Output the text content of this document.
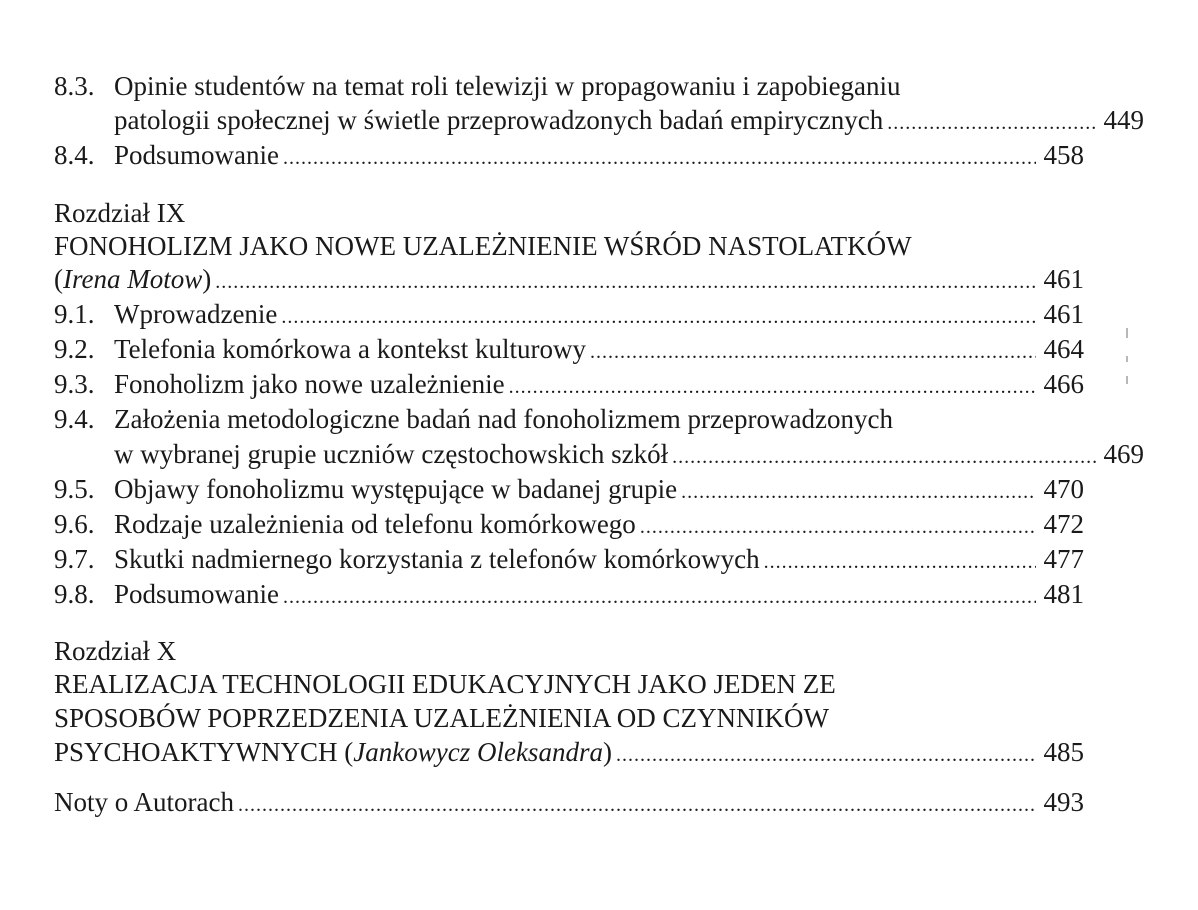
8.3. Opinie studentów na temat roli telewizji w propagowaniu i zapobieganiu
patologii społecznej w świetle przeprowadzonych badań empirycznych . . .	449
8.4. Podsumowanie . . .	458
Rozdział IX
FONOHOLIZM JAKO NOWE UZALEŻNIENIE WŚRÓD NASTOLATKÓW
(Irena Motow) . . .	461
9.1. Wprowadzenie . . .	461
9.2. Telefonia komórkowa a kontekst kulturowy . . .	464
9.3. Fonoholizm jako nowe uzależnienie . . .	466
9.4. Założenia metodologiczne badań nad fonoholizmem przeprowadzonych
w wybranej grupie uczniów częstochowskich szkół . . .	469
9.5. Objawy fonoholizmu występujące w badanej grupie . . .	470
9.6. Rodzaje uzależnienia od telefonu komórkowego . . .	472
9.7. Skutki nadmiernego korzystania z telefonów komórkowych . . .	477
9.8. Podsumowanie . . .	481
Rozdział X
REALIZACJA TECHNOLOGII EDUKACYJNYCH JAKO JEDEN ZE
SPOSOBÓW POPRZEDZENIA UZALEŻNIENIA OD CZYNNIKÓW
PSYCHOAKTYWNYCH (Jankowycz Oleksandra) . . .	485
Noty o Autorach . . .	493
